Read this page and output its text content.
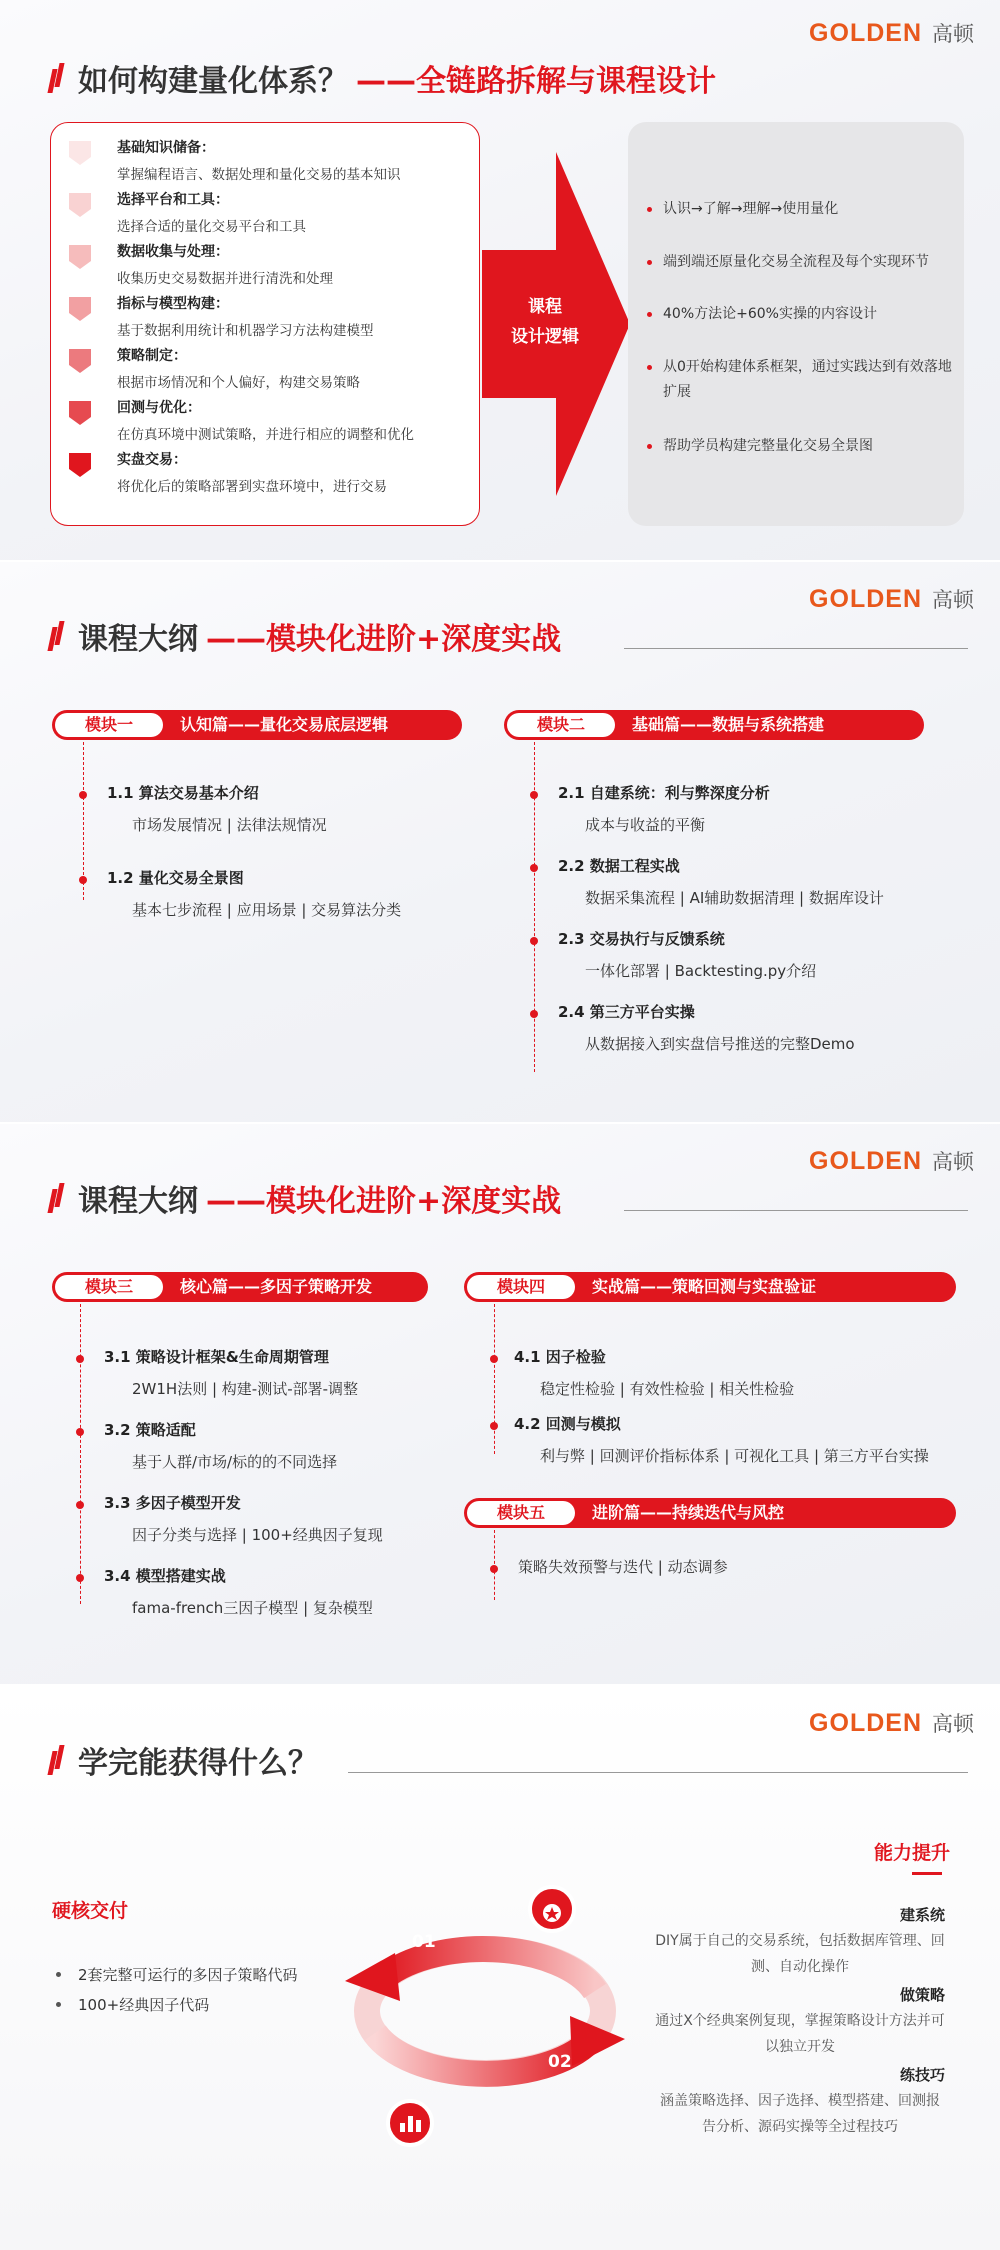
GOLDEN 高顿
如何构建量化体系？ ——全链路拆解与课程设计
基础知识储备：
掌握编程语言、数据处理和量化交易的基本知识
选择平台和工具：
选择合适的量化交易平台和工具
数据收集与处理：
收集历史交易数据并进行清洗和处理
指标与模型构建：
基于数据利用统计和机器学习方法构建模型
策略制定：
根据市场情况和个人偏好，构建交易策略
回测与优化：
在仿真环境中测试策略，并进行相应的调整和优化
实盘交易：
将优化后的策略部署到实盘环境中，进行交易
课程
设计逻辑
认识→了解→理解→使用量化
端到端还原量化交易全流程及每个实现环节
40%方法论+60%实操的内容设计
从0开始构建体系框架，通过实践达到有效落地扩展
帮助学员构建完整量化交易全景图
GOLDEN 高顿
课程大纲 ——模块化进阶+深度实战
模块一	认知篇——量化交易底层逻辑
1.1 算法交易基本介绍
市场发展情况 | 法律法规情况
1.2 量化交易全景图
基本七步流程 | 应用场景 | 交易算法分类
模块二	基础篇——数据与系统搭建
2.1 自建系统：利与弊深度分析
成本与收益的平衡
2.2 数据工程实战
数据采集流程 | AI辅助数据清理 | 数据库设计
2.3 交易执行与反馈系统
一体化部署 | Backtesting.py介绍
2.4 第三方平台实操
从数据接入到实盘信号推送的完整Demo
GOLDEN 高顿
课程大纲 ——模块化进阶+深度实战
模块三	核心篇——多因子策略开发
3.1 策略设计框架&生命周期管理
2W1H法则 | 构建-测试-部署-调整
3.2 策略适配
基于人群/市场/标的的不同选择
3.3 多因子模型开发
因子分类与选择 | 100+经典因子复现
3.4 模型搭建实战
fama-french三因子模型 | 复杂模型
模块四	实战篇——策略回测与实盘验证
4.1 因子检验
稳定性检验 | 有效性检验 | 相关性检验
4.2 回测与模拟
利与弊 | 回测评价指标体系 | 可视化工具 | 第三方平台实操
模块五	进阶篇——持续迭代与风控
策略失效预警与迭代 | 动态调参
GOLDEN 高顿
学完能获得什么？
硬核交付
2套完整可运行的多因子策略代码
100+经典因子代码
01
02
能力提升
建系统
DIY属于自己的交易系统，包括数据库管理、回测、自动化操作
做策略
通过X个经典案例复现，掌握策略设计方法并可以独立开发
练技巧
涵盖策略选择、因子选择、模型搭建、回测报告分析、源码实操等全过程技巧
